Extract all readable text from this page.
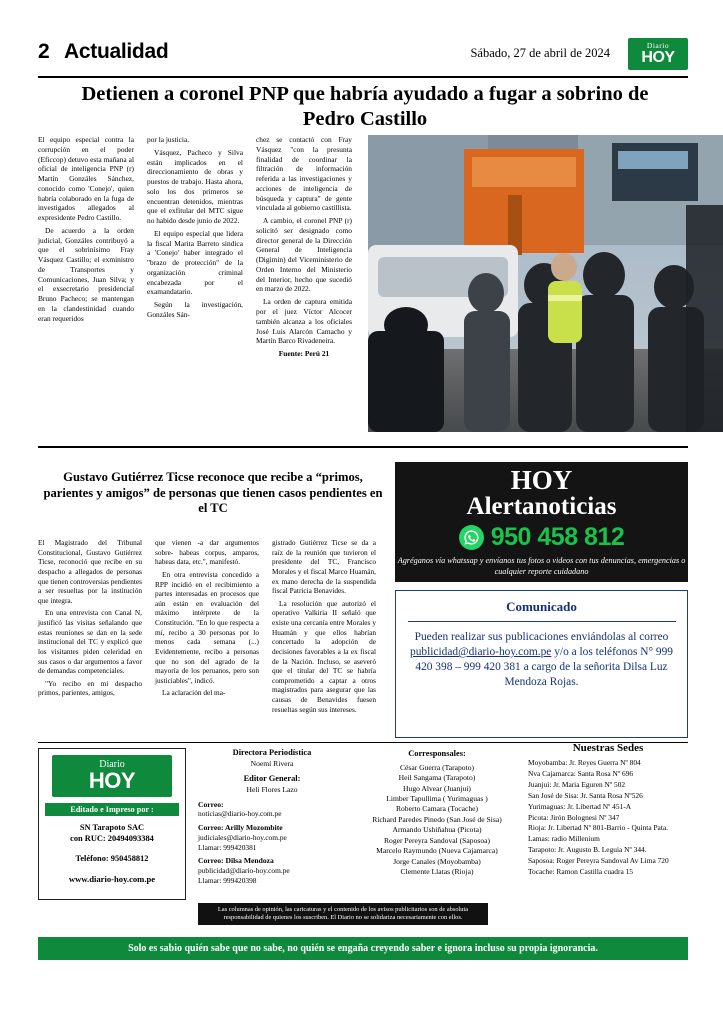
2 Actualidad	Sábado, 27 de abril de 2024
Diario
HOY
Detienen a coronel PNP que habría ayudado a fugar a sobrino de Pedro Castillo

El equipo especial contra la corrupción en el poder (Eficcop) detuvo esta mañana al oficial de inteligencia PNP (r) Martín Gonzáles Sánchez, conocido como 'Conejo', quien habría colaborado en la fuga de investigados allegados al expresidente Pedro Castillo.

De acuerdo a la orden judicial, Gonzáles contribuyó a que el sobrinísimo Fray Vásquez Castillo; el exministro de Transportes y Comunicaciones, Juan Silva; y el exsecretario presidencial Bruno Pacheco; se mantengan en la clandestinidad cuando eran requeridos

por la justicia.

Vásquez, Pacheco y Silva están implicados en el direccionamiento de obras y puestos de trabajo. Hasta ahora, solo los dos primeros se encuentran detenidos, mientras que el exfitular del MTC sigue no habido desde junio de 2022.

El equipo especial que lidera la fiscal Marita Barreto sindica a 'Conejo' haber integrado el "brazo de protección" de la organización criminal encabezada por el examandatario.

Según la investigación, Gonzáles Sán-

chez se contactó con Fray Vásquez "con la presunta finalidad de coordinar la filtración de información referida a las investigaciones y acciones de inteligencia de búsqueda y captura" de gente vinculada al gobierno castillista.

A cambio, el coronel PNP (r) solicitó ser designado como director general de la Dirección General de Inteligencia (Digimin) del Viceministerio de Orden Interno del Ministerio del Interior, hecho que sucedió en marzo de 2022.

La orden de captura emitida por el juez Víctor Alcocer también alcanza a los oficiales José Luis Alarcón Camacho y Martín Barco Rivadeneira.

Fuente: Perú 21
Gustavo Gutiérrez Ticse reconoce que recibe a “primos, parientes y amigos” de personas que tienen casos pendientes en el TC

El Magistrado del Tribunal Constitucional, Gustavo Gutiérrez Ticse, reconoció que recibe en su despacho a allegados de personas que tienen controversias pendientes a ser resueltas por la institución que integra.

En una entrevista con Canal N, justificó las visitas señalando que estas reuniones se dan en la sede institucional del TC y explicó que los visitantes piden celeridad en sus casos o dar argumentos a favor de demandas competenciales.

"Yo recibo en mi despacho primos, parientes, amigos,

que vienen -a dar argumentos sobre- habeas corpus, amparos, habeas data, etc.", manifestó.

En otra entrevista concedido a RPP incidió en el recibimiento a partes interesadas en procesos que aún están en evaluación del máximo intérprete de la Constitución. "En lo que respecta a mí, recibo a 30 personas por lo menos cada semana (...) Evidentemente, recibo a personas que no son del agrado de la mayoría de los peruanos, pero son justiciables", indicó.

La aclaración del ma-

gistrado Gutiérrez Ticse se da a raíz de la reunión que tuvieron el presidente del TC, Francisco Morales y el fiscal Marco Huamán, ex mano derecha de la suspendida fiscal Patricia Benavides.

La resolución que autorizó el operativo Valkiria II señaló que existe una cercanía entre Morales y Huamán y que ellos habrían concertado la adopción de decisiones favorables a la ex fiscal de la Nación. Incluso, se aseveró que el titular del TC se habría comprometido a captar a otros magistrados para asegurar que las causas de Benavides fuesen resueltas según sus intereses.

HOY
Alertanoticias
950 458 812
Agréganos vía whatssap y envíanos tus fotos o videos con tus denuncias, emergencias o cualquier reporte cuidadano
Comunicado
Pueden realizar sus publicaciones enviándolas al correo publicidad@diario-hoy.com.pe y/o a los teléfonos N° 999 420 398 – 999 420 381 a cargo de la señorita Dilsa Luz Mendoza Rojas.
Diario
HOY
Editado e Impreso por :
SN Tarapoto SAC
con RUC: 20494093384
Teléfono: 950458812
www.diario-hoy.com.pe
Directora Periodística
Noemí Rivera
Editor General:
Heli Flores Lazo
Correo:
noticias@diario-hoy.com.pe
Correo: Arilly Mozombite
judiciales@diario-hoy.com.pe
Llamar: 999420381
Correo: Dilsa Mendoza
publicidad@diario-hoy.com.pe
Llamar: 999420398
Corresponsales:
César Guerra (Tarapoto)
Heil Sangama (Tarapoto)
Hugo Alvear (Juanjui)
Limber Tapullima ( Yurimaguas )
Roberto Camara (Tocache)
Richard Paredes Pinedo (San José de Sisa)
Armando Ushiñahua (Picota)
Roger Pereyra Sandoval (Saposoa)
Marcelo Raymundo (Nueva Cajamarca)
Jorge Canales (Moyobamba)
Clemente Llatas (Rioja)
Nuestras Sedes
Moyobamba: Jr. Reyes Guerra Nº 804
Nva Cajamarca: Santa Rosa Nº 696
Juanjui: Jr. Maria Eguren Nº 502
San José de Sisa: Jr. Santa Rosa Nº526
Yurimaguas: Jr. Libertad Nº 451-A
Picota: Jirón Bolognesi Nº 347
Rioja: Jr. Libertad Nº 801-Barrio - Quinta Pata.
Lamas: radio Millenium
Tarapoto: Jr. Augusto B. Leguia Nº 344.
Saposoa: Roger Pereyra Sandoval Av Lima 720
Tocache: Ramon Castilla cuadra 15
Las columnas de opinión, las caricaturas y el contenido de los avisos publicitarios son de absoluta responsabilidad de quienes los suscriben. El Diario no se solidariza necesariamente con ellos.
Solo es sabio quién sabe que no sabe, no quién se engaña creyendo saber e ignora incluso su propia ignorancia.
